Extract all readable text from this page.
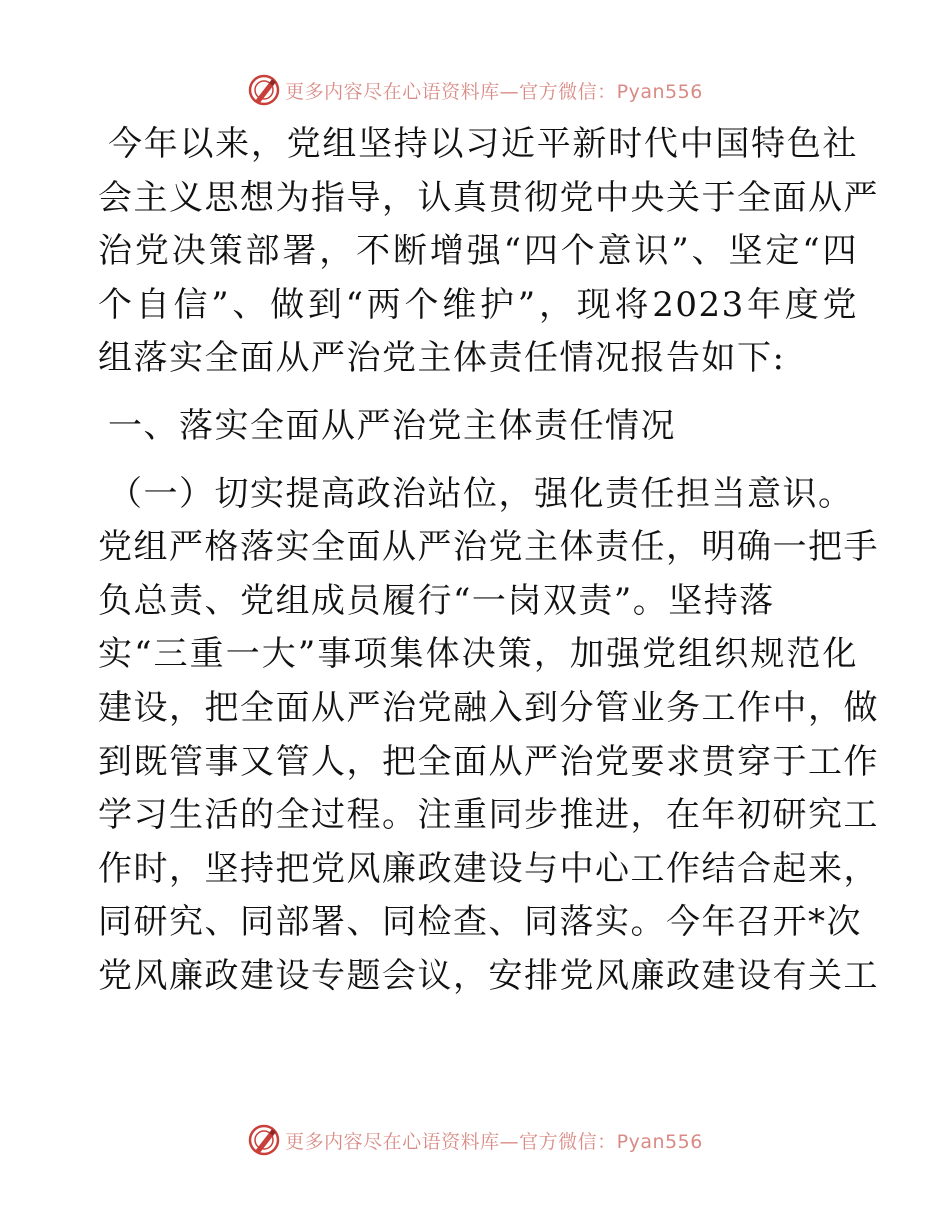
更多内容尽在心语资料库—官方微信：Pyan556
今年以来，党组坚持以习近平新时代中国特色社
会主义思想为指导，认真贯彻党中央关于全面从严
治党决策部署，不断增强“四个意识”、坚定“四
个自信”、做到“两个维护”，现将2023年度党
组落实全面从严治党主体责任情况报告如下:
一、落实全面从严治党主体责任情况
（一）切实提高政治站位，强化责任担当意识。
党组严格落实全面从严治党主体责任，明确一把手
负总责、党组成员履行“一岗双责”。坚持落
实“三重一大”事项集体决策，加强党组织规范化
建设，把全面从严治党融入到分管业务工作中，做
到既管事又管人，把全面从严治党要求贯穿于工作
学习生活的全过程。注重同步推进，在年初研究工
作时，坚持把党风廉政建设与中心工作结合起来，
同研究、同部署、同检查、同落实。今年召开*次
党风廉政建设专题会议，安排党风廉政建设有关工
更多内容尽在心语资料库—官方微信：Pyan556
